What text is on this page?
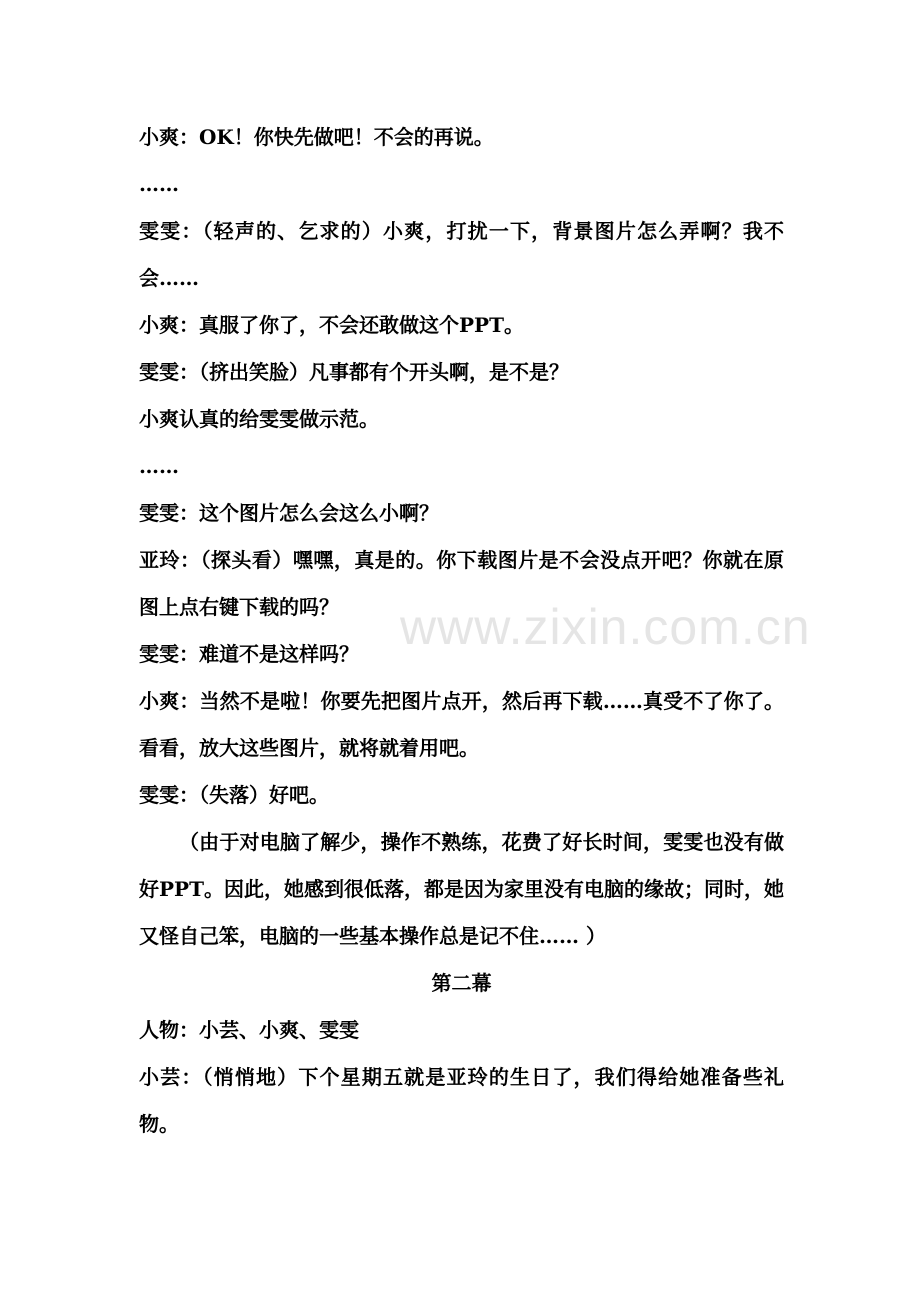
小爽：OK！你快先做吧！不会的再说。
……
雯雯：（轻声的、乞求的）小爽，打扰一下，背景图片怎么弄啊？我不会……
小爽：真服了你了，不会还敢做这个PPT。
雯雯：（挤出笑脸）凡事都有个开头啊，是不是？
小爽认真的给雯雯做示范。
……
雯雯：这个图片怎么会这么小啊？
亚玲：（探头看）嘿嘿，真是的。你下载图片是不会没点开吧？你就在原图上点右键下载的吗？
雯雯：难道不是这样吗？
小爽：当然不是啦！你要先把图片点开，然后再下载……真受不了你了。看看，放大这些图片，就将就着用吧。
雯雯：（失落）好吧。
（由于对电脑了解少，操作不熟练，花费了好长时间，雯雯也没有做好PPT。因此，她感到很低落，都是因为家里没有电脑的缘故；同时，她又怪自己笨，电脑的一些基本操作总是记不住…… ）
第二幕
人物：小芸、小爽、雯雯
小芸：（悄悄地）下个星期五就是亚玲的生日了，我们得给她准备些礼物。
www.zixin.com.cn
